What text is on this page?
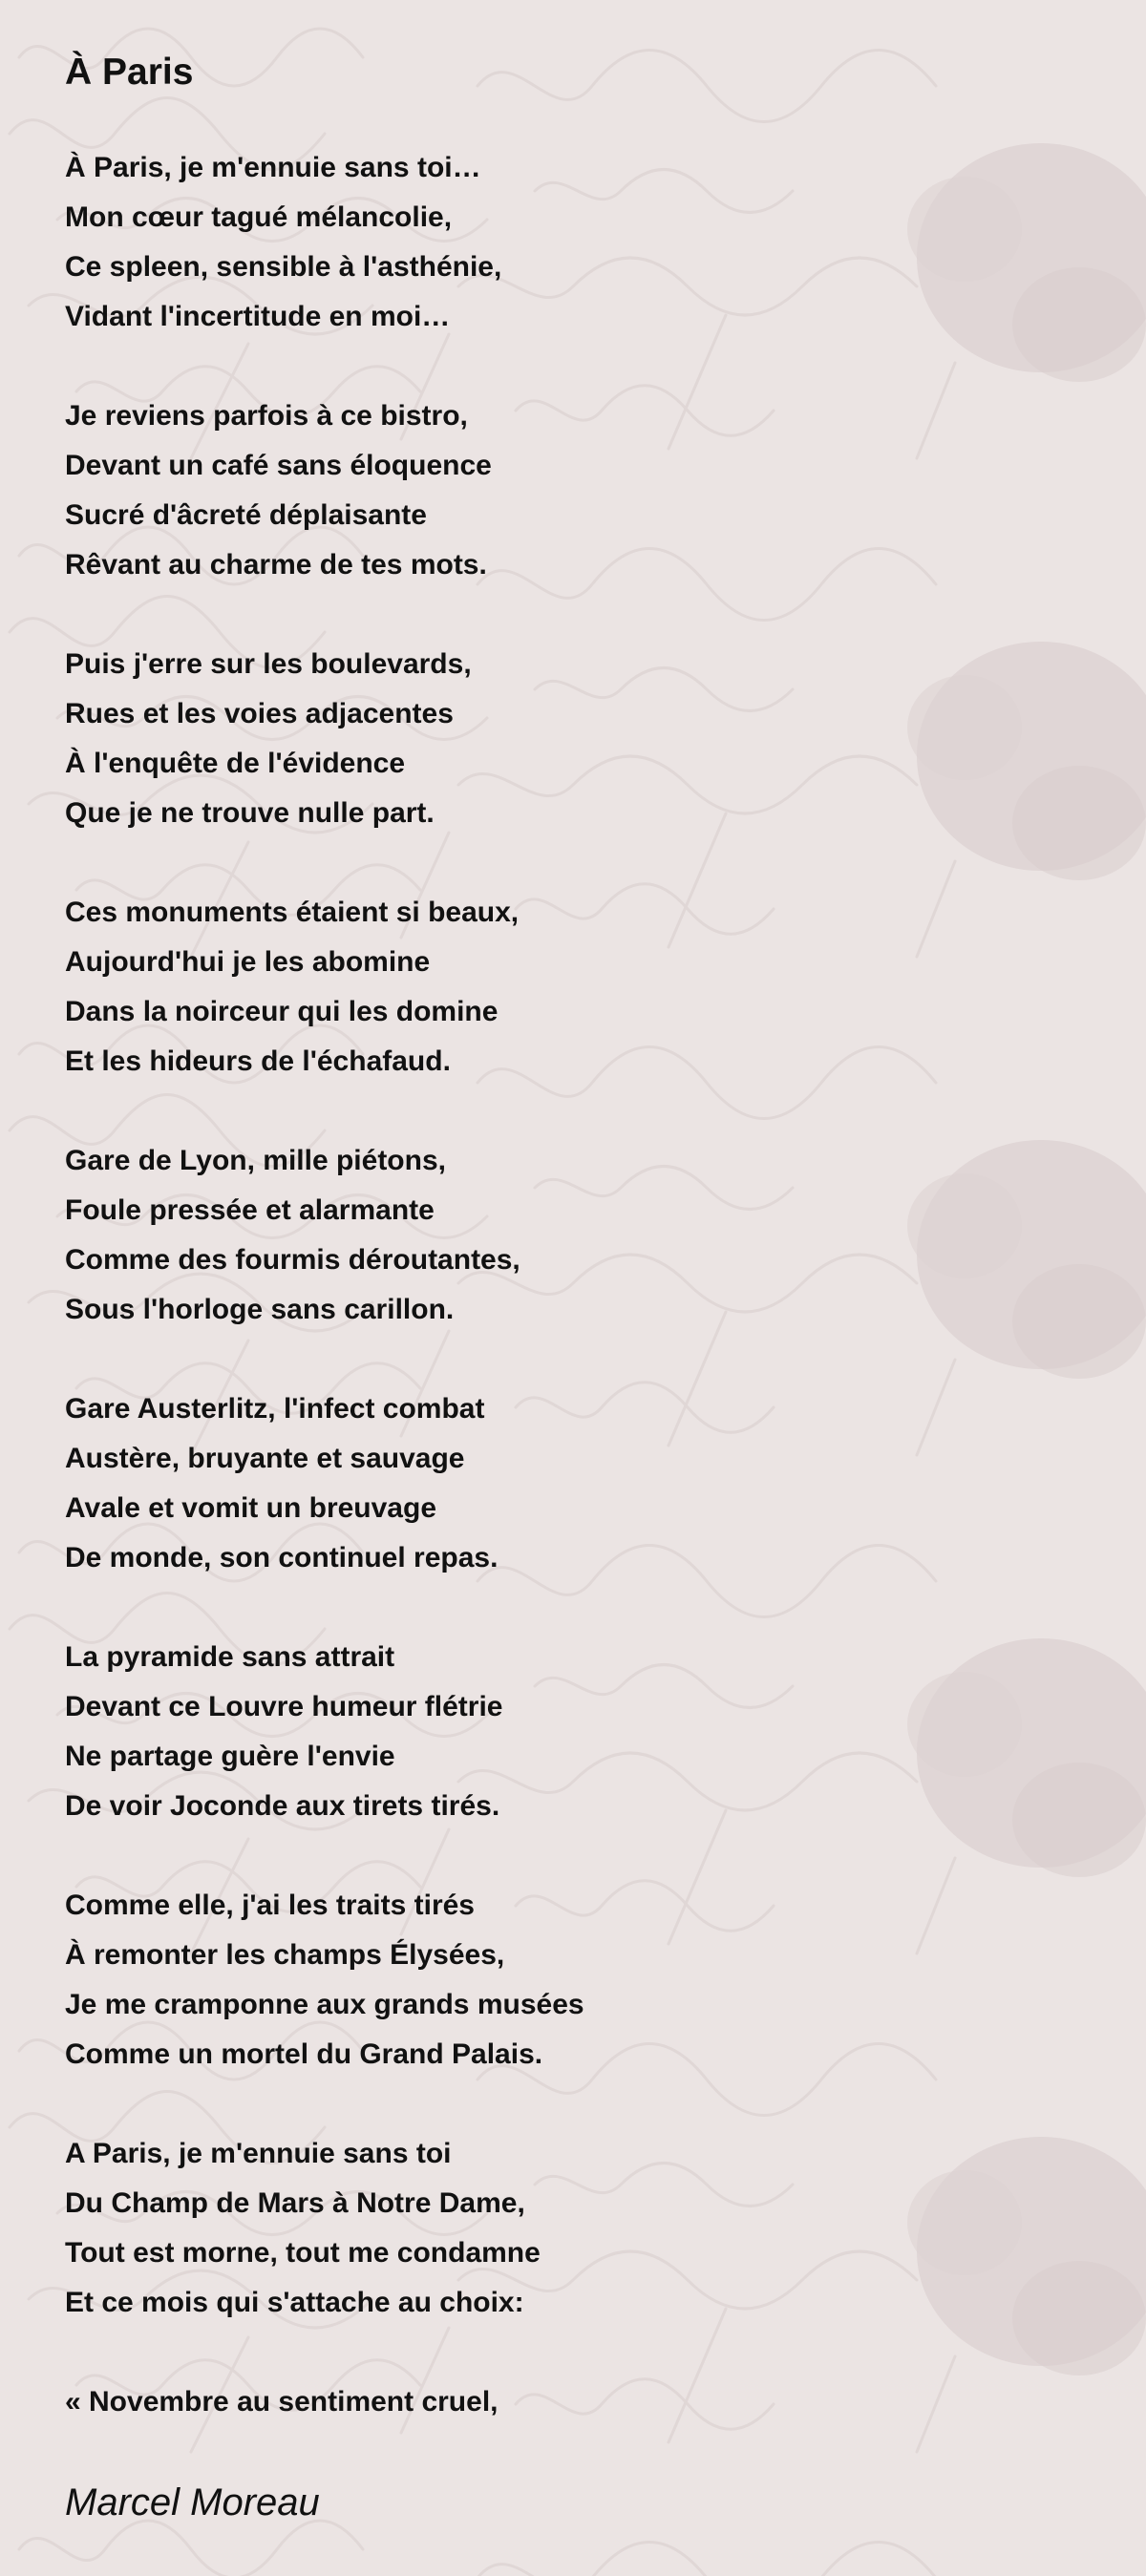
À Paris
À Paris, je m'ennuie sans toi…
Mon cœur tagué mélancolie,
Ce spleen, sensible à l'asthénie,
Vidant l'incertitude en moi…
Je reviens parfois à ce bistro,
Devant un café sans éloquence
Sucré d'âcreté déplaisante
Rêvant au charme de tes mots.
Puis j'erre sur les boulevards,
Rues et les voies adjacentes
À l'enquête de l'évidence
Que je ne trouve nulle part.
Ces monuments étaient si beaux,
Aujourd'hui je les abomine
Dans la noirceur qui les domine
Et les hideurs de l'échafaud.
Gare de Lyon, mille piétons,
Foule pressée et alarmante
Comme des fourmis déroutantes,
Sous l'horloge sans carillon.
Gare Austerlitz, l'infect combat
Austère, bruyante et sauvage
Avale et vomit un breuvage
De monde, son continuel repas.
La pyramide sans attrait
Devant ce Louvre humeur flétrie
Ne partage guère l'envie
De voir Joconde aux tirets tirés.
Comme elle, j'ai les traits tirés
À remonter les champs Élysées,
Je me cramponne aux grands musées
Comme un mortel du Grand Palais.
A Paris, je m'ennuie sans toi
Du Champ de Mars à Notre Dame,
Tout est morne, tout me condamne
Et ce mois qui s'attache au choix:
« Novembre au sentiment cruel,

Marcel Moreau
